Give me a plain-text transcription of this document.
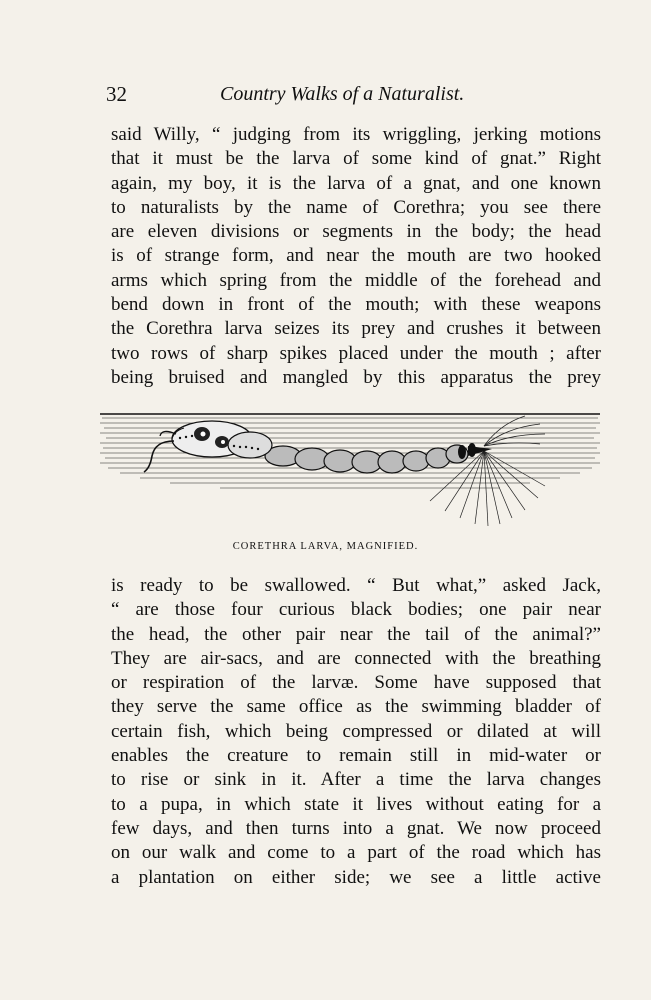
32	Country Walks of a Naturalist.
said Willy, “ judging from its wriggling, jerking motions
that it must be the larva of some kind of gnat.” Right
again, my boy, it is the larva of a gnat, and one known
to naturalists by the name of Corethra; you see there
are eleven divisions or segments in the body; the head
is of strange form, and near the mouth are two hooked
arms which spring from the middle of the forehead and
bend down in front of the mouth; with these weapons
the Corethra larva seizes its prey and crushes it between
two rows of sharp spikes placed under the mouth ; after
being bruised and mangled by this apparatus the prey
CORETHRA LARVA, MAGNIFIED.
is ready to be swallowed. “ But what,” asked Jack,
“ are those four curious black bodies; one pair near
the head, the other pair near the tail of the animal?”
They are air-sacs, and are connected with the breathing
or respiration of the larvæ. Some have supposed that
they serve the same office as the swimming bladder of
certain fish, which being compressed or dilated at will
enables the creature to remain still in mid-water or
to rise or sink in it. After a time the larva changes
to a pupa, in which state it lives without eating for a
few days, and then turns into a gnat. We now proceed
on our walk and come to a part of the road which has
a plantation on either side; we see a little active
